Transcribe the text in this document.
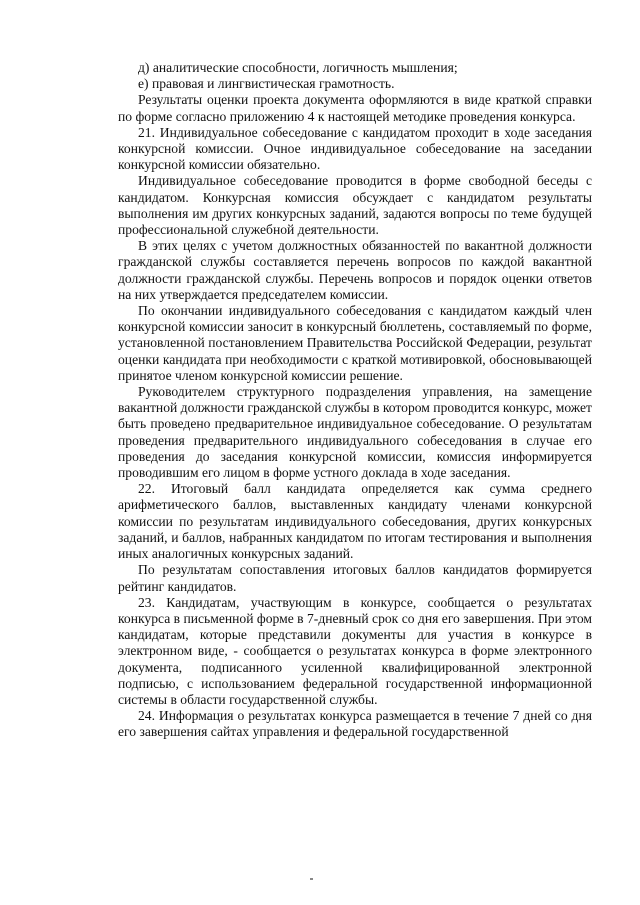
д) аналитические способности, логичность мышления;

е) правовая и лингвистическая грамотность.

Результаты оценки проекта документа оформляются в виде краткой справки по форме согласно приложению 4 к настоящей методике проведения конкурса.

21. Индивидуальное собеседование с кандидатом проходит в ходе заседания конкурсной комиссии. Очное индивидуальное собеседование на заседании конкурсной комиссии обязательно.

Индивидуальное собеседование проводится в форме свободной беседы с кандидатом. Конкурсная комиссия обсуждает с кандидатом результаты выполнения им других конкурсных заданий, задаются вопросы по теме будущей профессиональной служебной деятельности.

В этих целях с учетом должностных обязанностей по вакантной должности гражданской службы составляется перечень вопросов по каждой вакантной должности гражданской службы. Перечень вопросов и порядок оценки ответов на них утверждается председателем комиссии.

По окончании индивидуального собеседования с кандидатом каждый член конкурсной комиссии заносит в конкурсный бюллетень, составляемый по форме, установленной постановлением Правительства Российской Федерации, результат оценки кандидата при необходимости с краткой мотивировкой, обосновывающей принятое членом конкурсной комиссии решение.

Руководителем структурного подразделения управления, на замещение вакантной должности гражданской службы в котором проводится конкурс, может быть проведено предварительное индивидуальное собеседование. О результатам проведения предварительного индивидуального собеседования в случае его проведения до заседания конкурсной комиссии, комиссия информируется проводившим его лицом в форме устного доклада в ходе заседания.

22. Итоговый балл кандидата определяется как сумма среднего арифметического баллов, выставленных кандидату членами конкурсной комиссии по результатам индивидуального собеседования, других конкурсных заданий, и баллов, набранных кандидатом по итогам тестирования и выполнения иных аналогичных конкурсных заданий.

По результатам сопоставления итоговых баллов кандидатов формируется рейтинг кандидатов.

23. Кандидатам, участвующим в конкурсе, сообщается о результатах конкурса в письменной форме в 7-дневный срок со дня его завершения. При этом кандидатам, которые представили документы для участия в конкурсе в электронном виде, - сообщается о результатах конкурса в форме электронного документа, подписанного усиленной квалифицированной электронной подписью, с использованием федеральной государственной информационной системы в области государственной службы.

24. Информация о результатах конкурса размещается в течение 7 дней со дня его завершения сайтах управления и федеральной государственной
